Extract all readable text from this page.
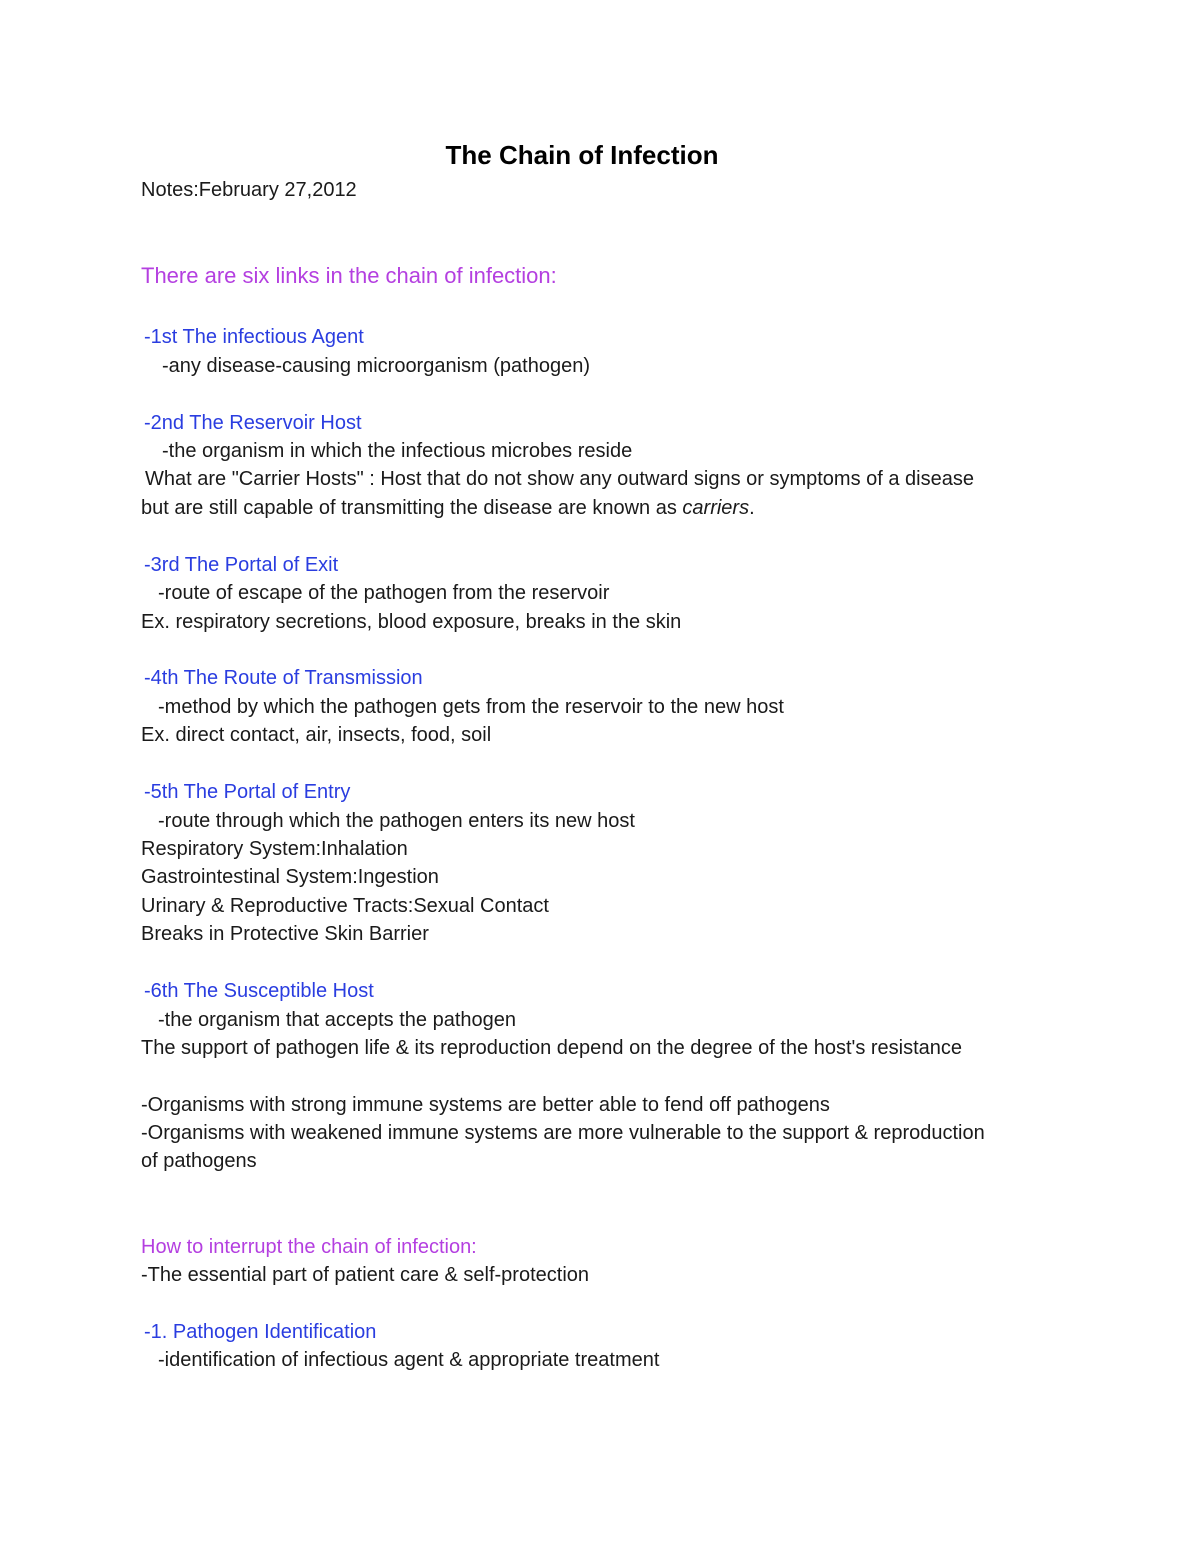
The Chain of Infection

Notes:February 27,2012

There are six links in the chain of infection:

-1st The infectious Agent

-any disease-causing microorganism (pathogen)

-2nd The Reservoir Host

-the organism in which the infectious microbes reside

What are "Carrier Hosts" : Host that do not show any outward signs or symptoms of a disease

but are still capable of transmitting the disease are known as carriers.

-3rd The Portal of Exit

-route of escape of the pathogen from the reservoir

Ex. respiratory secretions, blood exposure, breaks in the skin

-4th The Route of Transmission

-method by which the pathogen gets from the reservoir to the new host

Ex. direct contact, air, insects, food, soil

-5th The Portal of Entry

-route through which the pathogen enters its new host

Respiratory System:Inhalation

Gastrointestinal System:Ingestion

Urinary & Reproductive Tracts:Sexual Contact

Breaks in Protective Skin Barrier

-6th The Susceptible Host

-the organism that accepts the pathogen

The support of pathogen life & its reproduction depend on the degree of the host's resistance

-Organisms with strong immune systems are better able to fend off pathogens

-Organisms with weakened immune systems are more vulnerable to the support & reproduction

of pathogens

How to interrupt the chain of infection:

-The essential part of patient care & self-protection

-1. Pathogen Identification

-identification of infectious agent & appropriate treatment
